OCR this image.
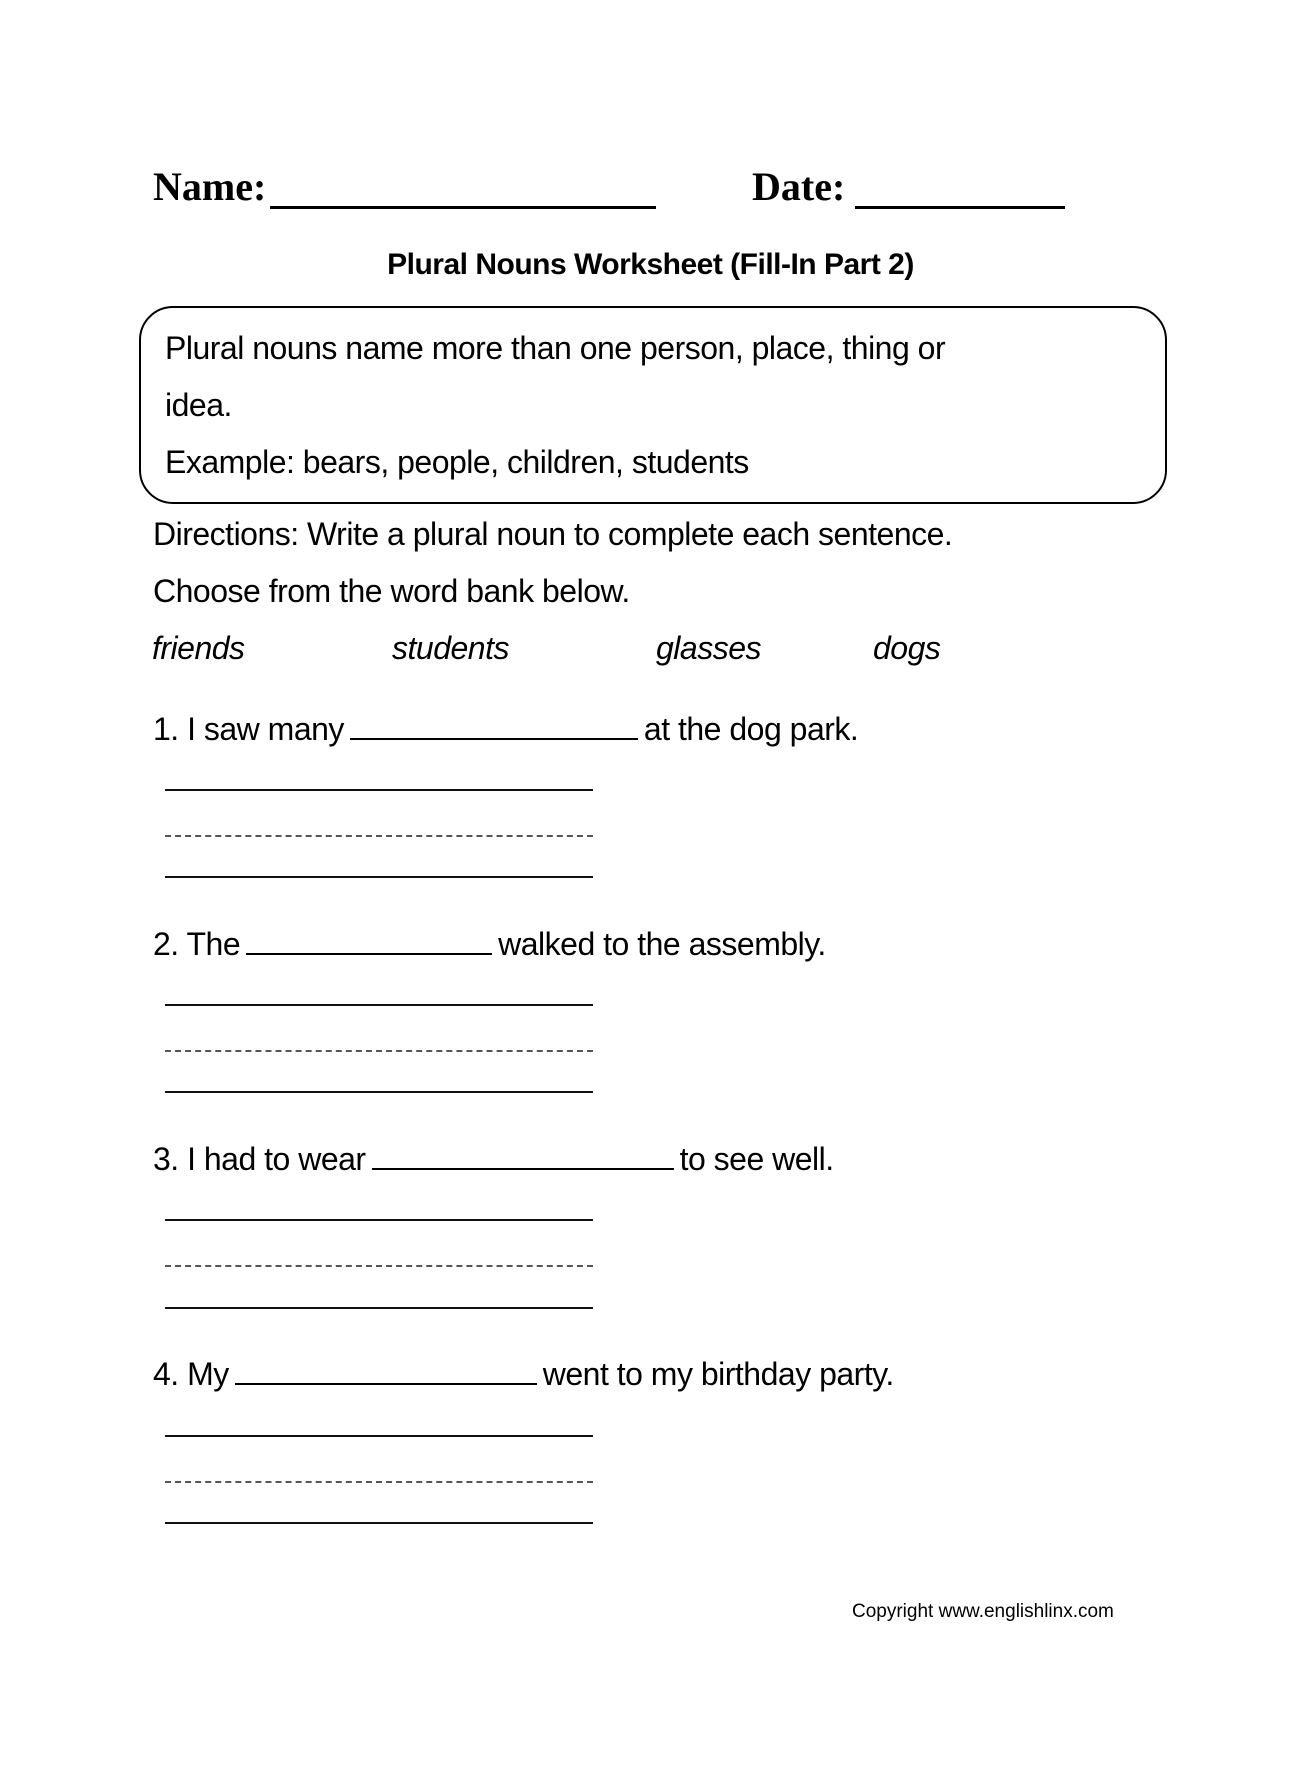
Name:	Date:
Plural Nouns Worksheet (Fill-In Part 2)
Plural nouns name more than one person, place, thing or
idea.
Example: bears, people, children, students
Directions: Write a plural noun to complete each sentence.
Choose from the word bank below.
friends	students	glasses	dogs
1. I saw many	at the dog park.
2. The	walked to the assembly.
3. I had to wear	to see well.
4. My	went to my birthday party.
Copyright www.englishlinx.com
